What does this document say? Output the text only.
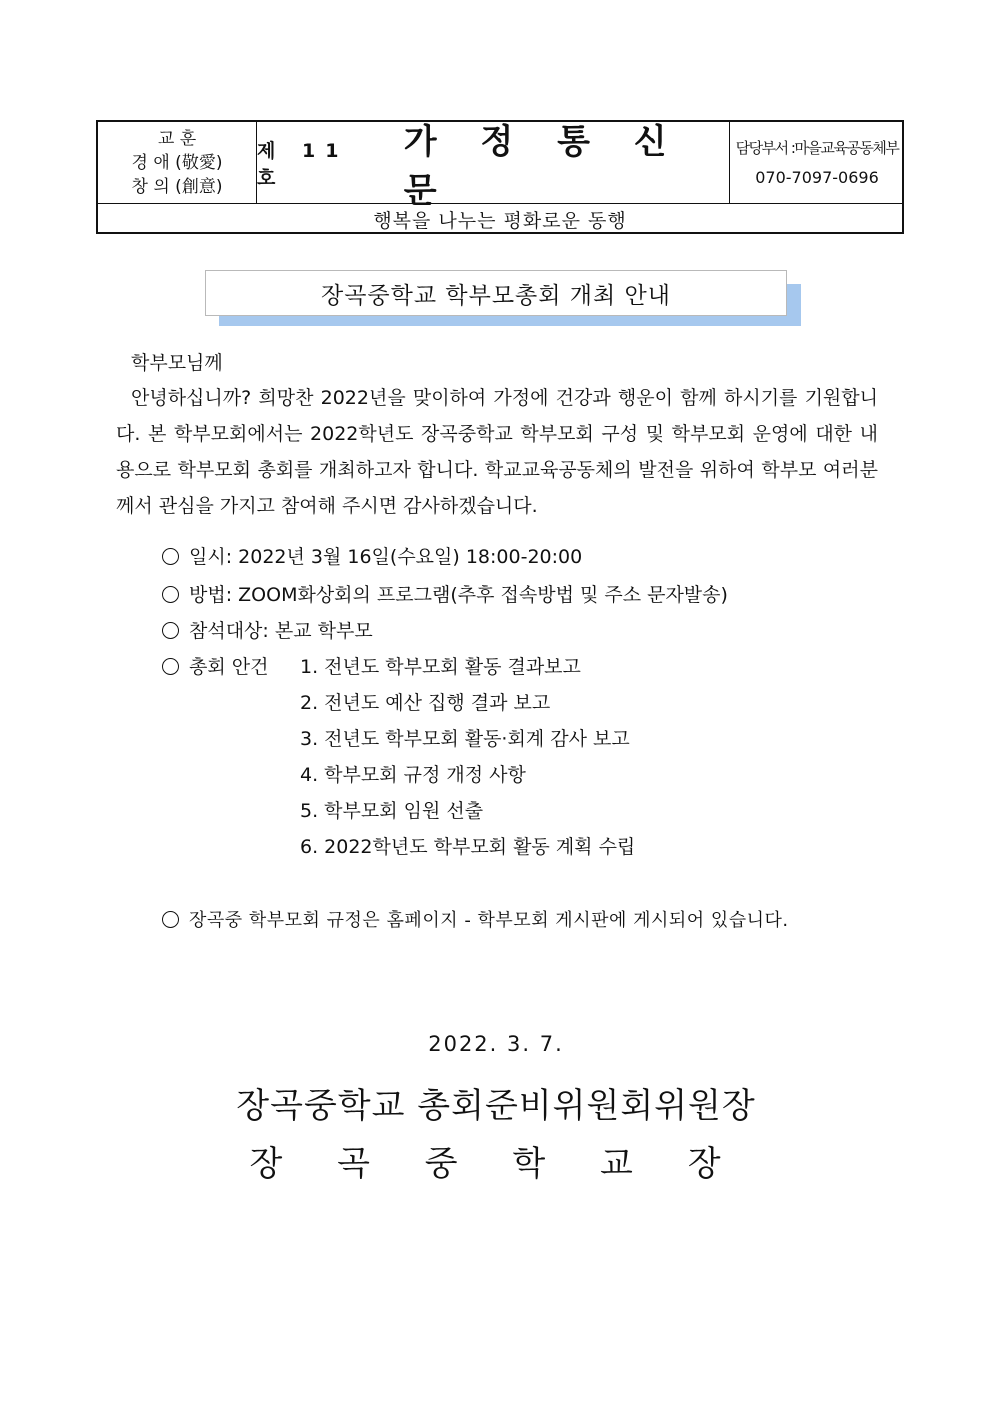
교 훈
경 애 (敬愛)
창 의 (創意)
제 11 호
가 정 통 신 문
담당부서 :마을교육공동체부
070-7097-0696
행복을 나누는 평화로운 동행
장곡중학교 학부모총회 개최 안내
학부모님께
안녕하십니까? 희망찬 2022년을 맞이하여 가정에 건강과 행운이 함께 하시기를 기원합니다. 본 학부모회에서는 2022학년도 장곡중학교 학부모회 구성 및 학부모회 운영에 대한 내용으로 학부모회 총회를 개최하고자 합니다. 학교교육공동체의 발전을 위하여 학부모 여러분께서 관심을 가지고 참여해 주시면 감사하겠습니다.
일시: 2022년 3월 16일(수요일) 18:00-20:00
방법: ZOOM화상회의 프로그램(추후 접속방법 및 주소 문자발송)
참석대상: 본교 학부모
총회 안건 1. 전년도 학부모회 활동 결과보고
2. 전년도 예산 집행 결과 보고
3. 전년도 학부모회 활동·회계 감사 보고
4. 학부모회 규정 개정 사항
5. 학부모회 임원 선출
6. 2022학년도 학부모회 활동 계획 수립
장곡중 학부모회 규정은 홈페이지 - 학부모회 게시판에 게시되어 있습니다.
2022. 3. 7.
장곡중학교 총회준비위원회위원장
장 곡 중 학 교 장
